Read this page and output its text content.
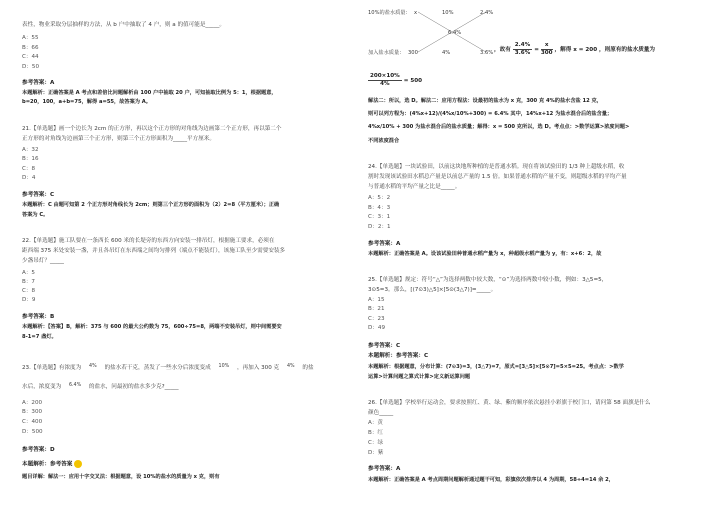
表性，物业采取分层抽样的方法，从 b 户中抽取了 4 户，则 a 的值可能是_____。
A：55
B：66
C：44
D：50
参考答案：A
本题解析：正确答案是 A 考点和差倍比问题解析由 100 户中抽取 20 户，可知抽取比例为 5：1，根据题意，
b=20，100，a+b=75，解得 a=55，故答案为 A。
21.【单选题】画一个边长为 2cm 的正方形，再以这个正方形的对角线为边画第二个正方形，再以第二个
正方形的对角线为边画第三个正方形，则第三个正方形面积为_____平方厘米。
A：32
B：16
C：8
D：4
参考答案：C
本题解析：C 由题可知第 2 个正方形对角线长为 2cm；则第三个正方形的面积为（2）2=8（平方厘米）；正确
答案为 C。
22.【单选题】施工队要在一条西长 600 米的长堤旁的东西方向安装一排吊灯，根据施工要求，必须在
距西端 375 米处安装一盏，并且各吊灯在东西端之间均匀排列（端点不能装灯），该施工队至少需要安装多
少盏吊灯？_____
A：5
B：7
C：8
D：9
参考答案：B
本题解析：【答案】B，解析：375 与 600 的最大公约数为 75，600÷75=8，两端不安装吊灯，则中间需要安
8-1=7 盏灯。
23.【单选题】有浓度为 4% 的盐水若干克，蒸发了一些水分后浓度变成 10% ，再加入 300 克 4% 的盐
水后，浓度变为 6.4% 的盐水，问最初的盐水多少克?_____
A：200
B：300
C：400
D：500
参考答案：D
本题解析：参考答案
题目详解：解法一：应用十字交叉法：根据题意，设 10%的盐水的质量为 x 克，则有
10%的盐水质量： x	10%	2.4%
6.4%
加入盐水质量： 300	4%	3.6%
，故有 $\frac{2.4\%}{3.6\%} = \frac{x}{300}$ ，解得 x = 200 ，则原有的盐水质量为
$\frac{200\times 10\%}{4\%} = 500$
解法二：所以，选 D。解法二：应用方程法：设最初的盐水为 x 克，300 克 4%的盐水含盐 12 克，
则可以列方程为：(4%x+12)/(4%x/10%+300) = 6.4% 其中，14%x+12 为盐水混合后的盐含量；
4%x/10% + 300 为盐水混合后的盐水质量；解得：x = 500 克所以，选 D。考点点：>数学运算>浓度问题>
不同浓度混合
24.【单选题】一块试验田，以前这块地所种植的是普通水稻。现在将该试验田的 1/3 种上超级水稻，收
割时发现该试验田水稻总产量是以前总产量的 1.5 倍。如果普通水稻的产量不变，则超级水稻的平均产量
与普通水稻的平均产量之比是_____。
A：5：2
B：4：3
C：3：1
D：2：1
参考答案：A
本题解析：正确答案是 A。设该试验田种普通水稻产量为 x，种超级水稻产量为 y，有：x+6：2，故
25.【单选题】规定：符号“△”为选择两数中较大数，“⊙”为选择两数中较小数，例如：3△5=5，
3⊙5=3。那么，[(7⊙3)△5]×[5⊙(3△7)]=_____。
A：15
B：21
C：23
D：49
参考答案：C
本题解析：参考答案：C
本题解析：根据题意，分布计算：(7⊙3)=3，(3△7)=7，原式=[3△5]×[5⊙7]=5×5=25。考点点：>数学
运算>计算问题之算式计算>定义新运算问题
26.【单选题】学校举行运动会，要求按照红、黄、绿、紫的顺序依次悬挂小彩旗于校门口，请问第 58 面旗是什么
颜色_____
A：黄
B：红
C：绿
D：紫
参考答案：A
本题解析：正确答案是 A 考点周期问题解析通过题干可知，彩旗依次排序以 4 为周期，58÷4=14 余 2，
